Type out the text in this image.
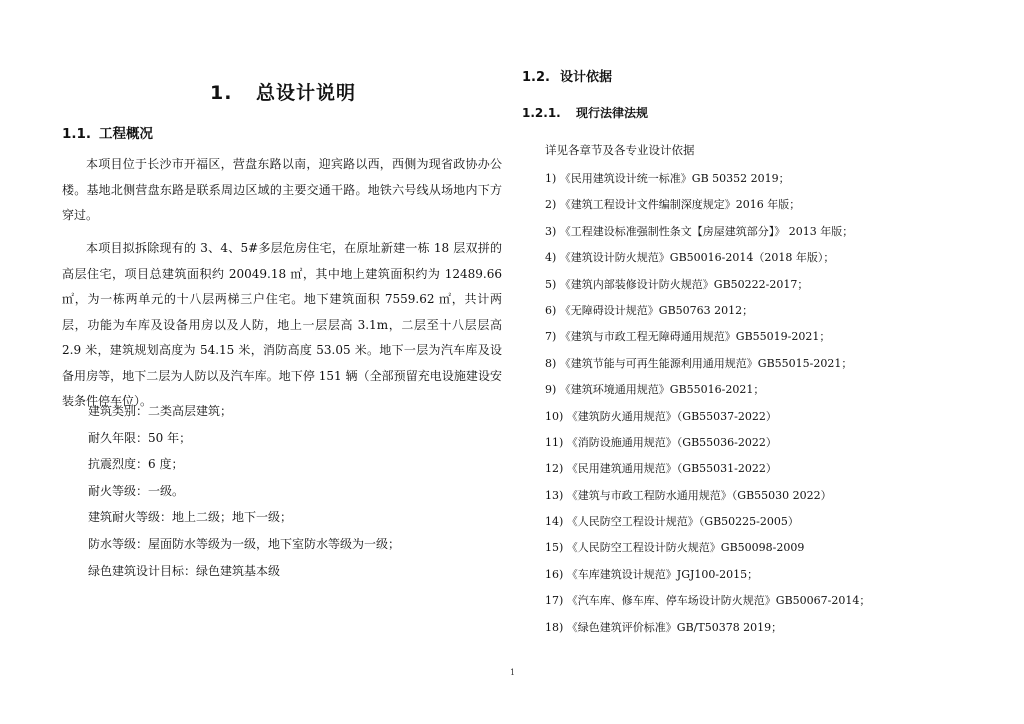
1. 总设计说明
1.1. 工程概况

本项目位于长沙市开福区，营盘东路以南，迎宾路以西，西侧为现省政协办公楼。基地北侧营盘东路是联系周边区域的主要交通干路。地铁六号线从场地内下方穿过。

本项目拟拆除现有的 3、4、5#多层危房住宅，在原址新建一栋 18 层双拼的高层住宅，项目总建筑面积约 20049.18 ㎡，其中地上建筑面积约为 12489.66 ㎡，为一栋两单元的十八层两梯三户住宅。地下建筑面积 7559.62 ㎡，共计两层，功能为车库及设备用房以及人防，地上一层层高 3.1m，二层至十八层层高 2.9 米，建筑规划高度为 54.15 米，消防高度 53.05 米。地下一层为汽车库及设备用房等，地下二层为人防以及汽车库。地下停 151 辆（全部预留充电设施建设安装条件停车位）。

建筑类别：二类高层建筑；
耐久年限：50 年；
抗震烈度：6 度；
耐火等级：一级。
建筑耐火等级：地上二级；地下一级；
防水等级：屋面防水等级为一级，地下室防水等级为一级；
绿色建筑设计目标：绿色建筑基本级
1.2. 设计依据
1.2.1. 现行法律法规

详见各章节及各专业设计依据

1) 《民用建筑设计统一标准》GB 50352 2019；
2) 《建筑工程设计文件编制深度规定》2016 年版；
3) 《工程建设标准强制性条文【房屋建筑部分】》 2013 年版；
4) 《建筑设计防火规范》GB50016-2014（2018 年版）；
5) 《建筑内部装修设计防火规范》GB50222-2017；
6) 《无障碍设计规范》GB50763 2012；
7) 《建筑与市政工程无障碍通用规范》GB55019-2021；
8) 《建筑节能与可再生能源利用通用规范》GB55015-2021；
9) 《建筑环境通用规范》GB55016-2021；
10) 《建筑防火通用规范》（GB55037-2022）
11) 《消防设施通用规范》（GB55036-2022）
12) 《民用建筑通用规范》（GB55031-2022）
13) 《建筑与市政工程防水通用规范》（GB55030 2022）
14) 《人民防空工程设计规范》（GB50225-2005）
15) 《人民防空工程设计防火规范》GB50098-2009
16) 《车库建筑设计规范》JGJ100-2015；
17) 《汽车库、修车库、停车场设计防火规范》GB50067-2014；
18) 《绿色建筑评价标准》GB/T50378 2019；
1
